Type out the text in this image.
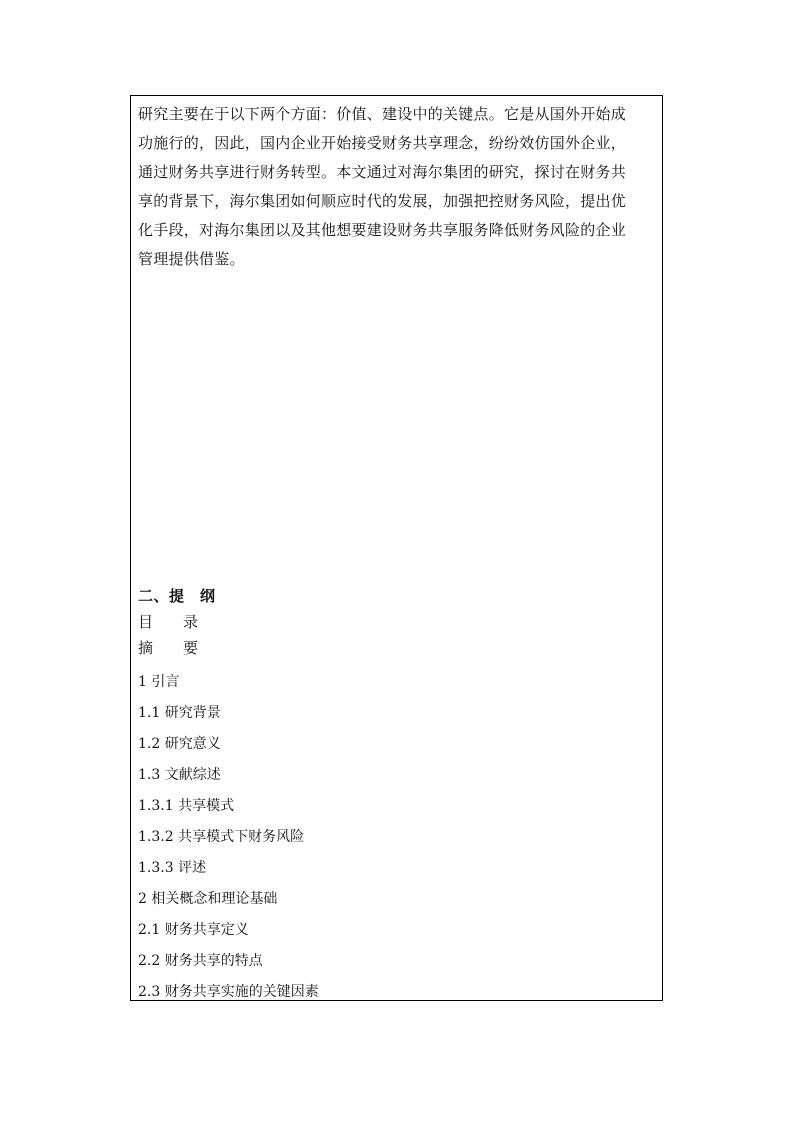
研究主要在于以下两个方面：价值、建设中的关键点。它是从国外开始成
功施行的，因此，国内企业开始接受财务共享理念，纷纷效仿国外企业，
通过财务共享进行财务转型。本文通过对海尔集团的研究，探讨在财务共
享的背景下，海尔集团如何顺应时代的发展，加强把控财务风险，提出优
化手段，对海尔集团以及其他想要建设财务共享服务降低财务风险的企业
管理提供借鉴。
二、提　纲
目　　录
摘　　要
1 引言
1.1 研究背景
1.2 研究意义
1.3 文献综述
1.3.1 共享模式
1.3.2 共享模式下财务风险
1.3.3 评述
2 相关概念和理论基础
2.1 财务共享定义
2.2 财务共享的特点
2.3 财务共享实施的关键因素
